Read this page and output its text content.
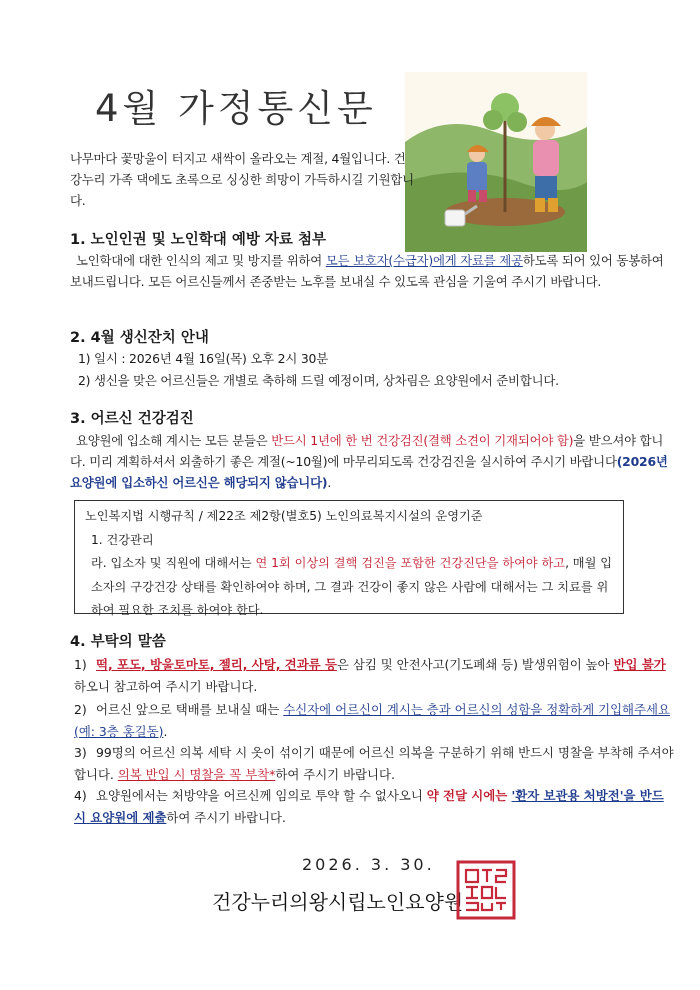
4월 가정통신문
나무마다 꽃망울이 터지고 새싹이 올라오는 계절, 4월입니다. 건강누리 가족 댁에도 초록으로 싱싱한 희망이 가득하시길 기원합니다.
1. 노인인권 및 노인학대 예방 자료 첨부
노인학대에 대한 인식의 제고 및 방지를 위하여 모든 보호자(수급자)에게 자료를 제공하도록 되어 있어 동봉하여 보내드립니다. 모든 어르신들께서 존중받는 노후를 보내실 수 있도록 관심을 기울여 주시기 바랍니다.
2. 4월 생신잔치 안내
1) 일시 : 2026년 4월 16일(목) 오후 2시 30분
2) 생신을 맞은 어르신들은 개별로 축하해 드릴 예정이며, 상차림은 요양원에서 준비합니다.
3. 어르신 건강검진
요양원에 입소해 계시는 모든 분들은 반드시 1년에 한 번 건강검진(결핵 소견이 기재되어야 함)을 받으셔야 합니다. 미리 계획하셔서 외출하기 좋은 계절(~10월)에 마무리되도록 건강검진을 실시하여 주시기 바랍니다(2026년 요양원에 입소하신 어르신은 해당되지 않습니다).
노인복지법 시행규칙 / 제22조 제2항(별호5) 노인의료복지시설의 운영기준
1. 건강관리
라. 입소자 및 직원에 대해서는 연 1회 이상의 결핵 검진을 포함한 건강진단을 하여야 하고, 매월 입소자의 구강건강 상태를 확인하여야 하며, 그 결과 건강이 좋지 않은 사람에 대해서는 그 치료를 위하여 필요한 조치를 하여야 한다.
4. 부탁의 말씀
1) 떡, 포도, 방울토마토, 젤리, 사탕, 견과류 등은 삼킴 및 안전사고(기도폐쇄 등) 발생위험이 높아 반입 불가하오니 참고하여 주시기 바랍니다.
2) 어르신 앞으로 택배를 보내실 때는 수신자에 어르신이 계시는 층과 어르신의 성함을 정확하게 기입해주세요(예: 3층 홍길동).
3) 99명의 어르신 의복 세탁 시 옷이 섞이기 때문에 어르신 의복을 구분하기 위해 반드시 명찰을 부착해 주셔야 합니다. 의복 반입 시 명찰을 꼭 부착*하여 주시기 바랍니다.
4) 요양원에서는 처방약을 어르신께 임의로 투약 할 수 없사오니 약 전달 시에는 '환자 보관용 처방전'을 반드시 요양원에 제출하여 주시기 바랍니다.
2026. 3. 30.
건강누리의왕시립노인요양원
